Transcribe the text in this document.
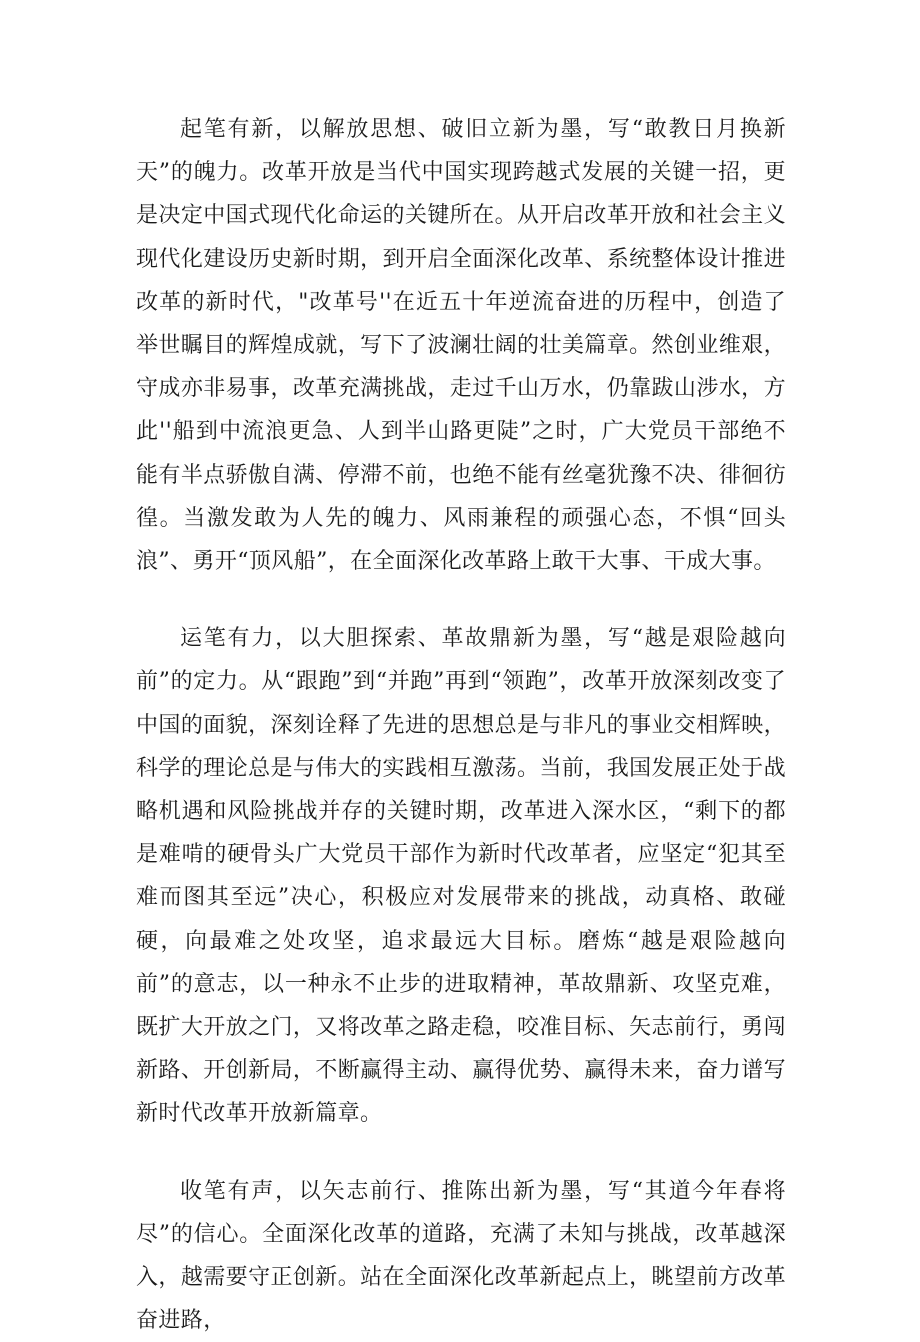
起笔有新，以解放思想、破旧立新为墨，写“敢教日月换新天”的魄力。改革开放是当代中国实现跨越式发展的关键一招，更是决定中国式现代化命运的关键所在。从开启改革开放和社会主义现代化建设历史新时期，到开启全面深化改革、系统整体设计推进改革的新时代，"改革号''在近五十年逆流奋进的历程中，创造了举世瞩目的辉煌成就，写下了波澜壮阔的壮美篇章。然创业维艰，守成亦非易事，改革充满挑战，走过千山万水，仍靠跋山涉水，方此''船到中流浪更急、人到半山路更陡”之时，广大党员干部绝不能有半点骄傲自满、停滞不前，也绝不能有丝毫犹豫不决、徘徊彷徨。当激发敢为人先的魄力、风雨兼程的顽强心态，不惧“回头浪”、勇开“顶风船”，在全面深化改革路上敢干大事、干成大事。

运笔有力，以大胆探索、革故鼎新为墨，写“越是艰险越向前”的定力。从“跟跑”到“并跑”再到“领跑”，改革开放深刻改变了中国的面貌，深刻诠释了先进的思想总是与非凡的事业交相辉映，科学的理论总是与伟大的实践相互激荡。当前，我国发展正处于战略机遇和风险挑战并存的关键时期，改革进入深水区，“剩下的都是难啃的硬骨头广大党员干部作为新时代改革者，应坚定“犯其至难而图其至远”决心，积极应对发展带来的挑战，动真格、敢碰硬，向最难之处攻坚，追求最远大目标。磨炼“越是艰险越向前”的意志，以一种永不止步的进取精神，革故鼎新、攻坚克难，既扩大开放之门，又将改革之路走稳，咬准目标、矢志前行，勇闯新路、开创新局，不断赢得主动、赢得优势、赢得未来，奋力谱写新时代改革开放新篇章。

收笔有声，以矢志前行、推陈出新为墨，写“其道今年春将尽”的信心。全面深化改革的道路，充满了未知与挑战，改革越深入，越需要守正创新。站在全面深化改革新起点上，眺望前方改革奋进路，
